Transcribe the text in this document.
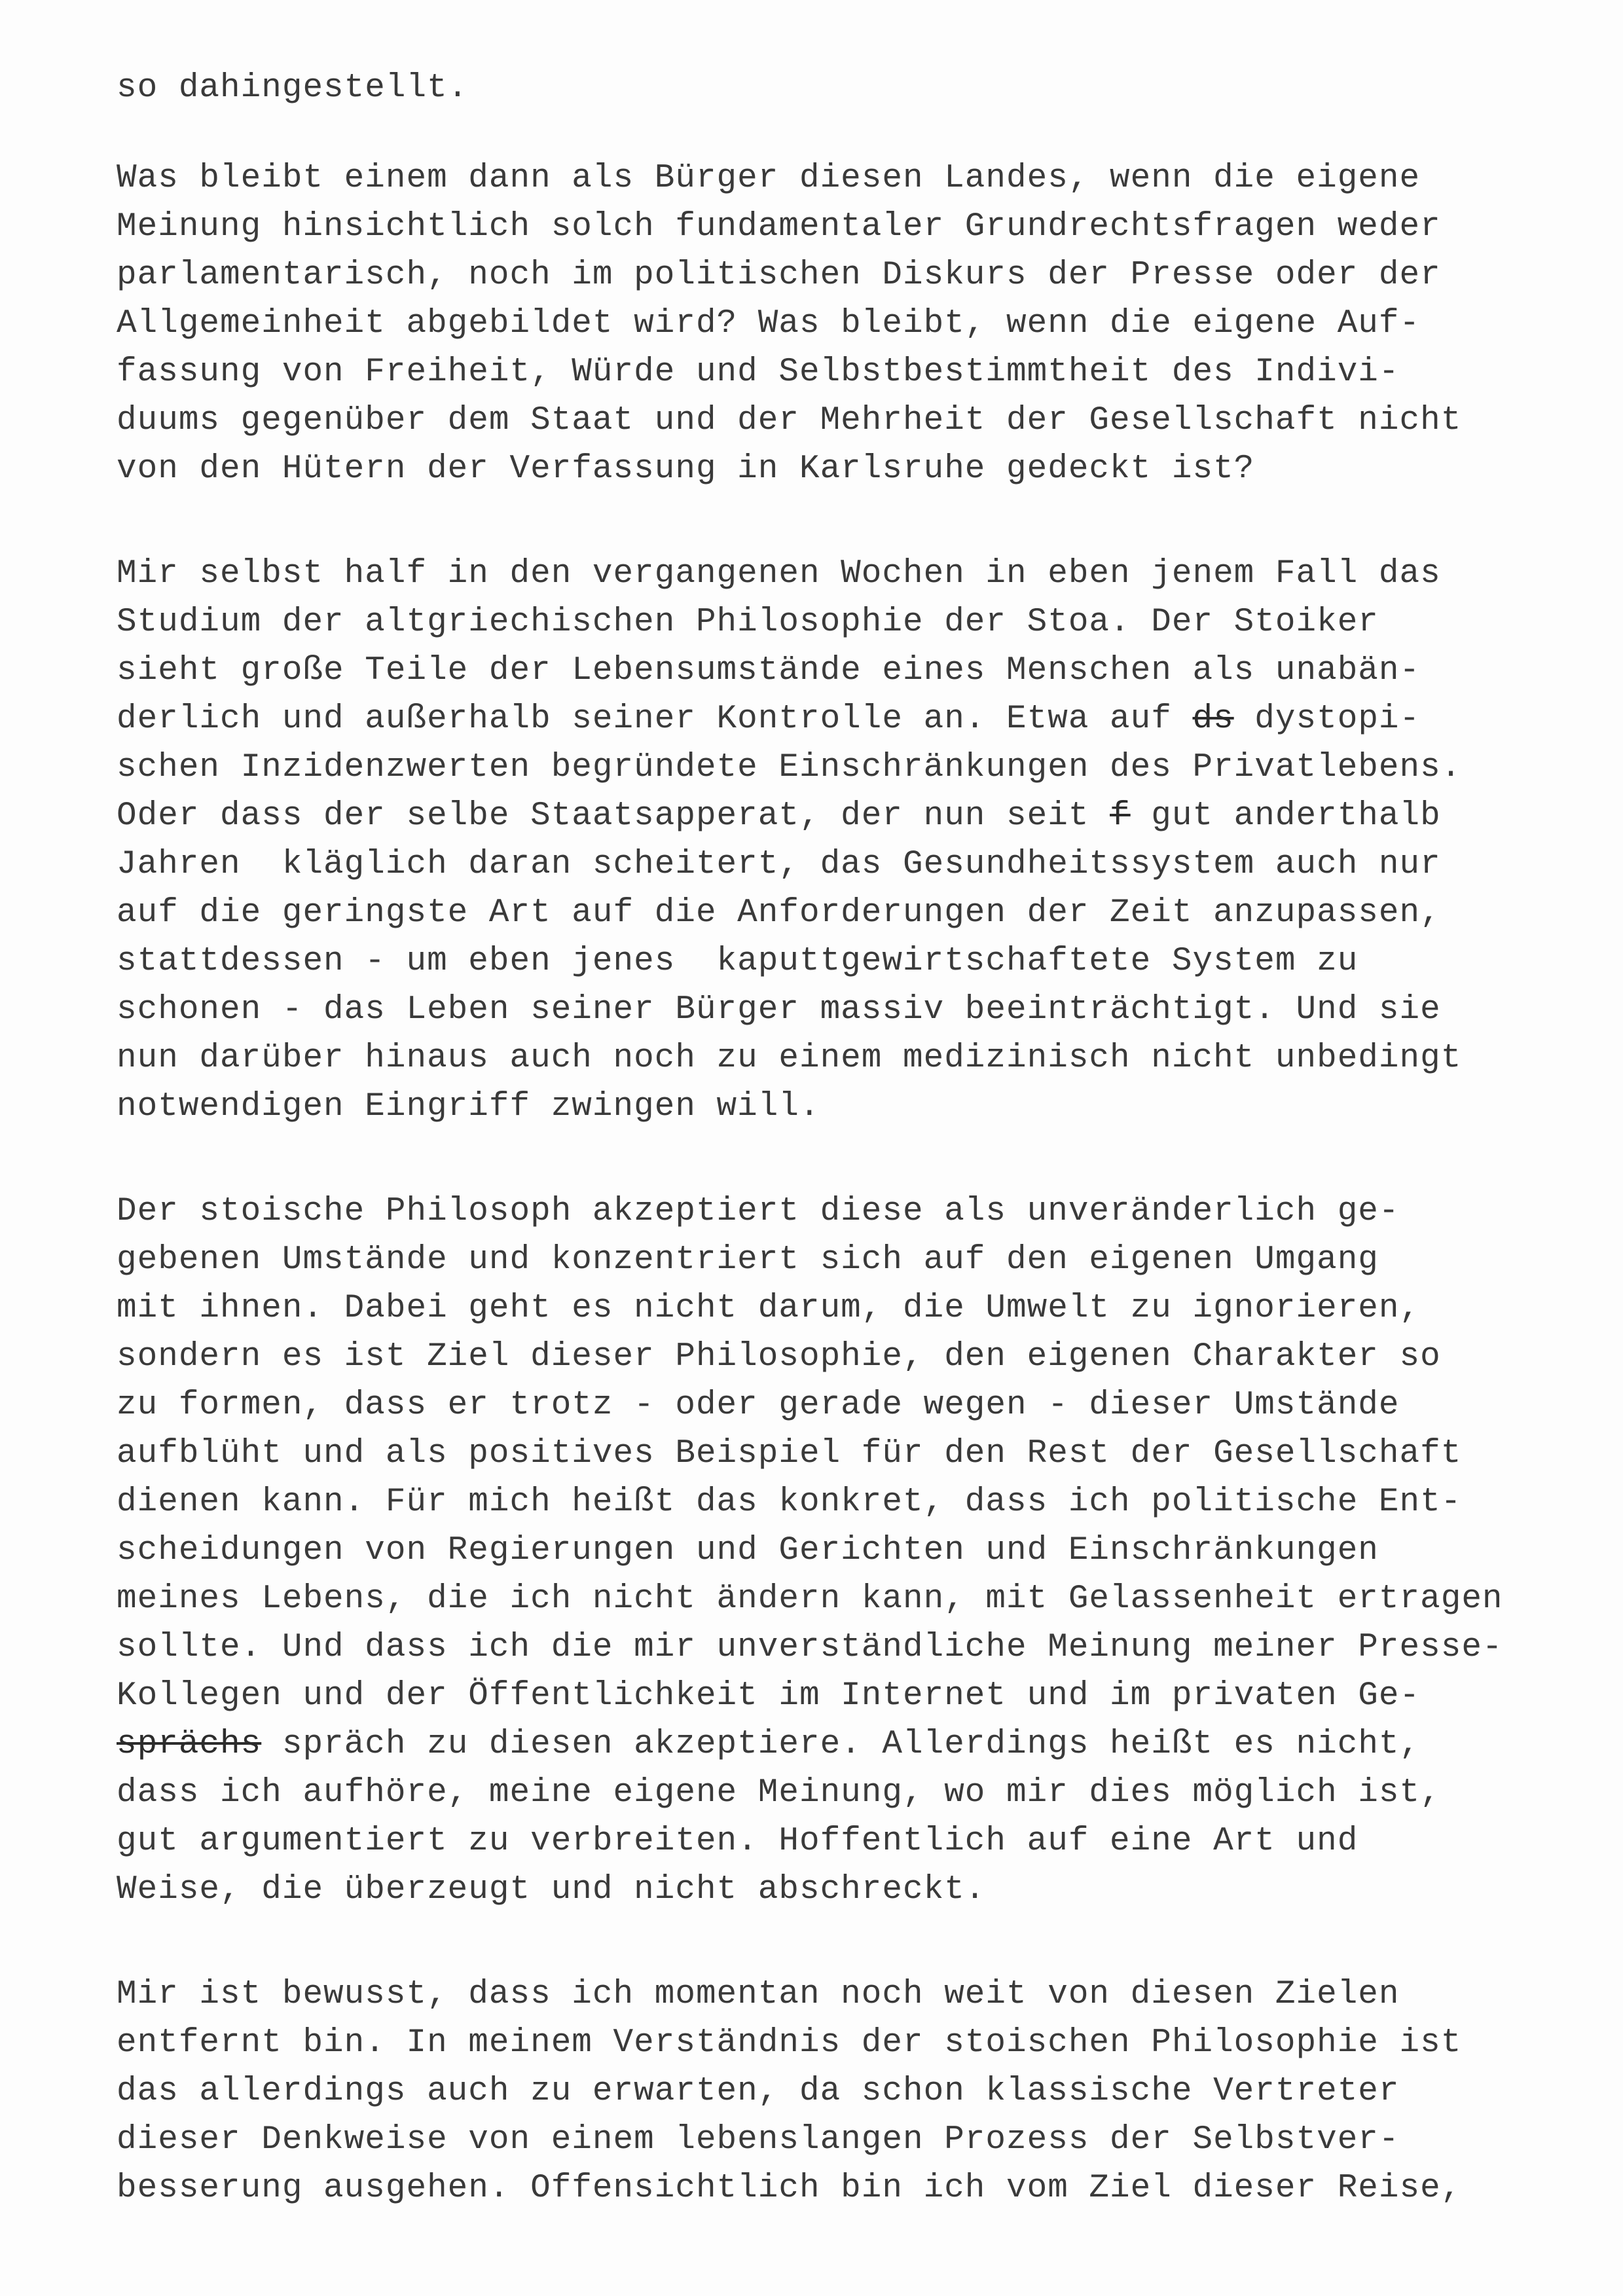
so dahingestellt.
Was bleibt einem dann als Bürger diesen Landes, wenn die eigene
Meinung hinsichtlich solch fundamentaler Grundrechtsfragen weder
parlamentarisch, noch im politischen Diskurs der Presse oder der
Allgemeinheit abgebildet wird? Was bleibt, wenn die eigene Auf-
fassung von Freiheit, Würde und Selbstbestimmtheit des Indivi-
duums gegenüber dem Staat und der Mehrheit der Gesellschaft nicht
von den Hütern der Verfassung in Karlsruhe gedeckt ist?
Mir selbst half in den vergangenen Wochen in eben jenem Fall das
Studium der altgriechischen Philosophie der Stoa. Der Stoiker
sieht große Teile der Lebensumstände eines Menschen als unabän-
derlich und außerhalb seiner Kontrolle an. Etwa auf ds dystopi-
schen Inzidenzwerten begründete Einschränkungen des Privatlebens.
Oder dass der selbe Staatsapperat, der nun seit f gut anderthalb
Jahren  kläglich daran scheitert, das Gesundheitssystem auch nur
auf die geringste Art auf die Anforderungen der Zeit anzupassen,
stattdessen - um eben jenes  kaputtgewirtschaftete System zu
schonen - das Leben seiner Bürger massiv beeinträchtigt. Und sie
nun darüber hinaus auch noch zu einem medizinisch nicht unbedingt
notwendigen Eingriff zwingen will.
Der stoische Philosoph akzeptiert diese als unveränderlich ge-
gebenen Umstände und konzentriert sich auf den eigenen Umgang
mit ihnen. Dabei geht es nicht darum, die Umwelt zu ignorieren,
sondern es ist Ziel dieser Philosophie, den eigenen Charakter so
zu formen, dass er trotz - oder gerade wegen - dieser Umstände
aufblüht und als positives Beispiel für den Rest der Gesellschaft
dienen kann. Für mich heißt das konkret, dass ich politische Ent-
scheidungen von Regierungen und Gerichten und Einschränkungen
meines Lebens, die ich nicht ändern kann, mit Gelassenheit ertragen
sollte. Und dass ich die mir unverständliche Meinung meiner Presse-
Kollegen und der Öffentlichkeit im Internet und im privaten Ge-
sprächs spräch zu diesen akzeptiere. Allerdings heißt es nicht,
dass ich aufhöre, meine eigene Meinung, wo mir dies möglich ist,
gut argumentiert zu verbreiten. Hoffentlich auf eine Art und
Weise, die überzeugt und nicht abschreckt.
Mir ist bewusst, dass ich momentan noch weit von diesen Zielen
entfernt bin. In meinem Verständnis der stoischen Philosophie ist
das allerdings auch zu erwarten, da schon klassische Vertreter
dieser Denkweise von einem lebenslangen Prozess der Selbstver-
besserung ausgehen. Offensichtlich bin ich vom Ziel dieser Reise,
